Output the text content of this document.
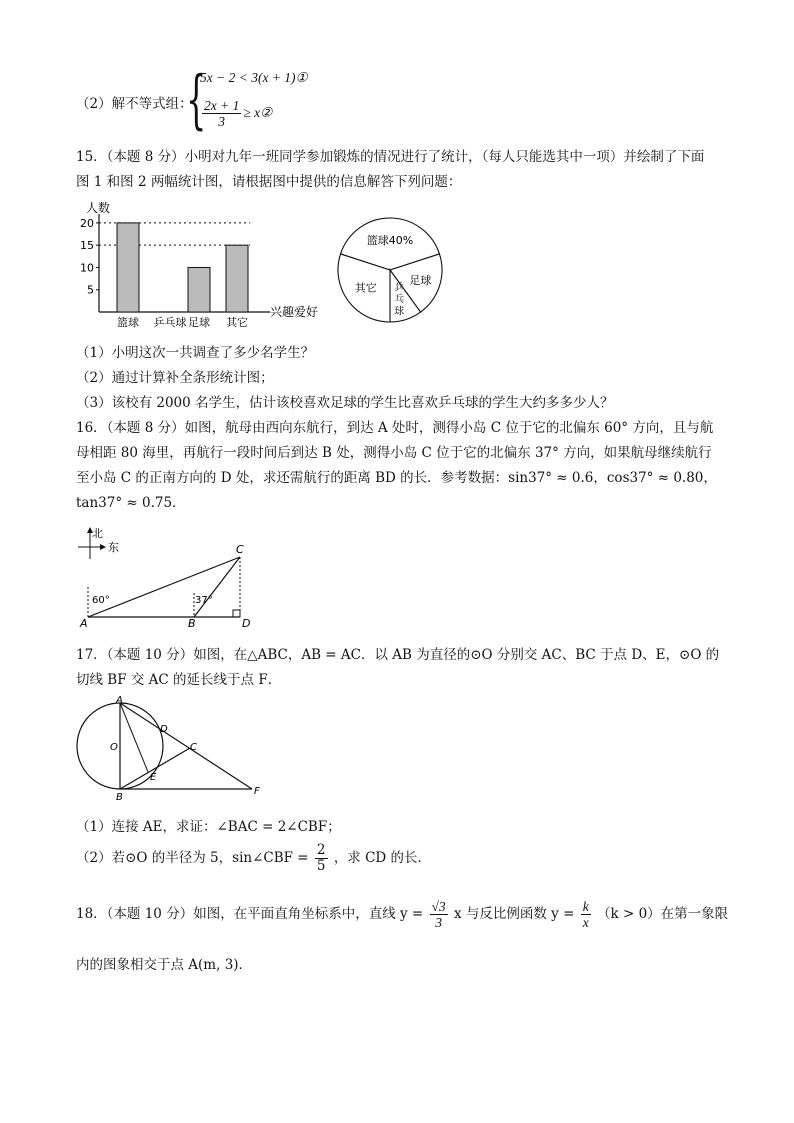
（2）解不等式组：
{
5x − 2 < 3(x + 1)①
$\frac{2x + 1}{3}$ ≥ x②
15．（本题 8 分）小明对九年一班同学参加锻炼的情况进行了统计，（每人只能选其中一项）并绘制了下面
图 1 和图 2 两幅统计图，请根据图中提供的信息解答下列问题：
人数
5
10
15
20
篮球 乒乓球 足球 其它
兴趣爱好
篮球40%
其它
足球
乒
乓
球
（1）小明这次一共调查了多少名学生？
（2）通过计算补全条形统计图；
（3）该校有 2000 名学生，估计该校喜欢足球的学生比喜欢乒乓球的学生大约多多少人？
16．（本题 8 分）如图，航母由西向东航行，到达 A 处时，测得小岛 C 位于它的北偏东 60° 方向，且与航
母相距 80 海里，再航行一段时间后到达 B 处，测得小岛 C 位于它的北偏东 37° 方向，如果航母继续航行
至小岛 C 的正南方向的 D 处，求还需航行的距离 BD 的长．参考数据：sin37° ≈ 0.6，cos37° ≈ 0.80，
tan37° ≈ 0.75．
北
东
60°	37°
A	B
C
D
17．（本题 10 分）如图，在△ABC，AB = AC．以 AB 为直径的⊙O 分别交 AC、BC 于点 D、E，⊙O 的
切线 BF 交 AC 的延长线于点 F．
A
O
D
C
E
B
F
（1）连接 AE，求证：∠BAC = 2∠CBF；
（2）若⊙O 的半径为 5，sin∠CBF = $\frac{2}{5}$ ，求 CD 的长．
18．（本题 10 分）如图，在平面直角坐标系中，直线 $y = \frac{√3}{3}$ x 与反比例函数 $y = \frac{k}{x} (k > 0)$在第一象限
内的图象相交于点 A(m, 3)．
